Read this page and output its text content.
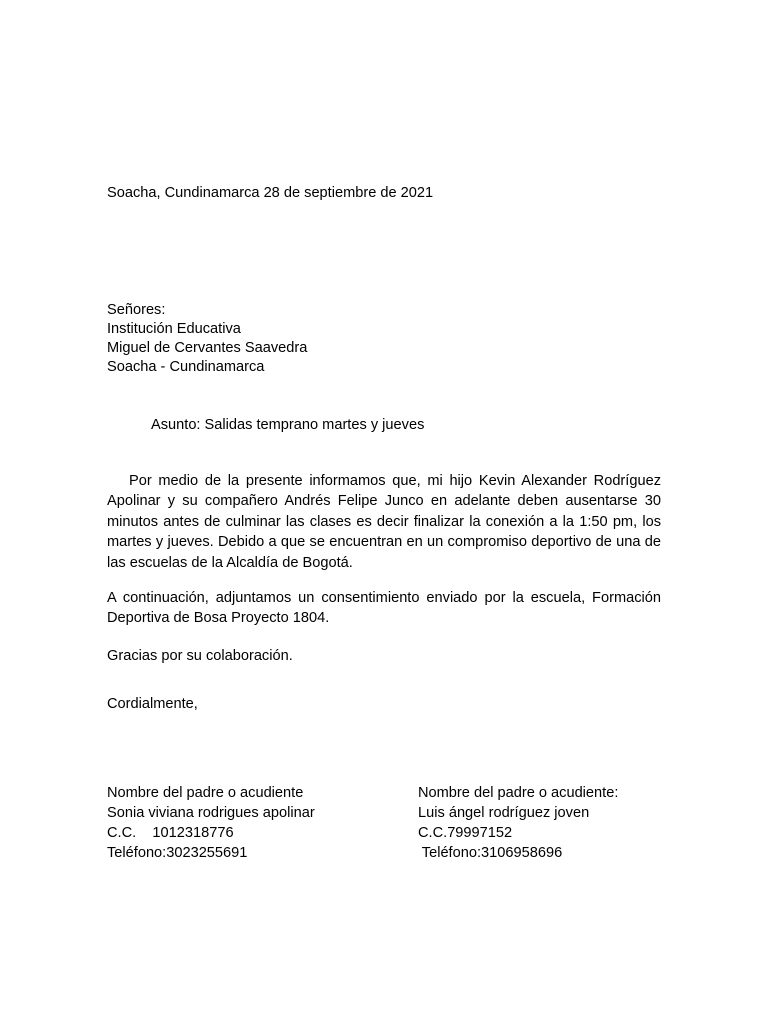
Soacha, Cundinamarca 28 de septiembre de 2021
Señores:
Institución Educativa
Miguel de Cervantes Saavedra
Soacha - Cundinamarca
Asunto: Salidas temprano martes y jueves
Por medio de la presente informamos que, mi hijo Kevin Alexander Rodríguez Apolinar y su compañero Andrés Felipe Junco en adelante deben ausentarse 30 minutos antes de culminar las clases es decir finalizar la conexión a la 1:50 pm, los martes y jueves. Debido a que se encuentran en un compromiso deportivo de una de las escuelas de la Alcaldía de Bogotá.
A continuación, adjuntamos un consentimiento enviado por la escuela, Formación Deportiva de Bosa Proyecto 1804.
Gracias por su colaboración.
Cordialmente,
Nombre del padre o acudiente
Sonia viviana rodrigues apolinar
C.C.    1012318776
Teléfono:3023255691
Nombre del padre o acudiente:
Luis ángel rodríguez joven
C.C.79997152
Teléfono:3106958696
